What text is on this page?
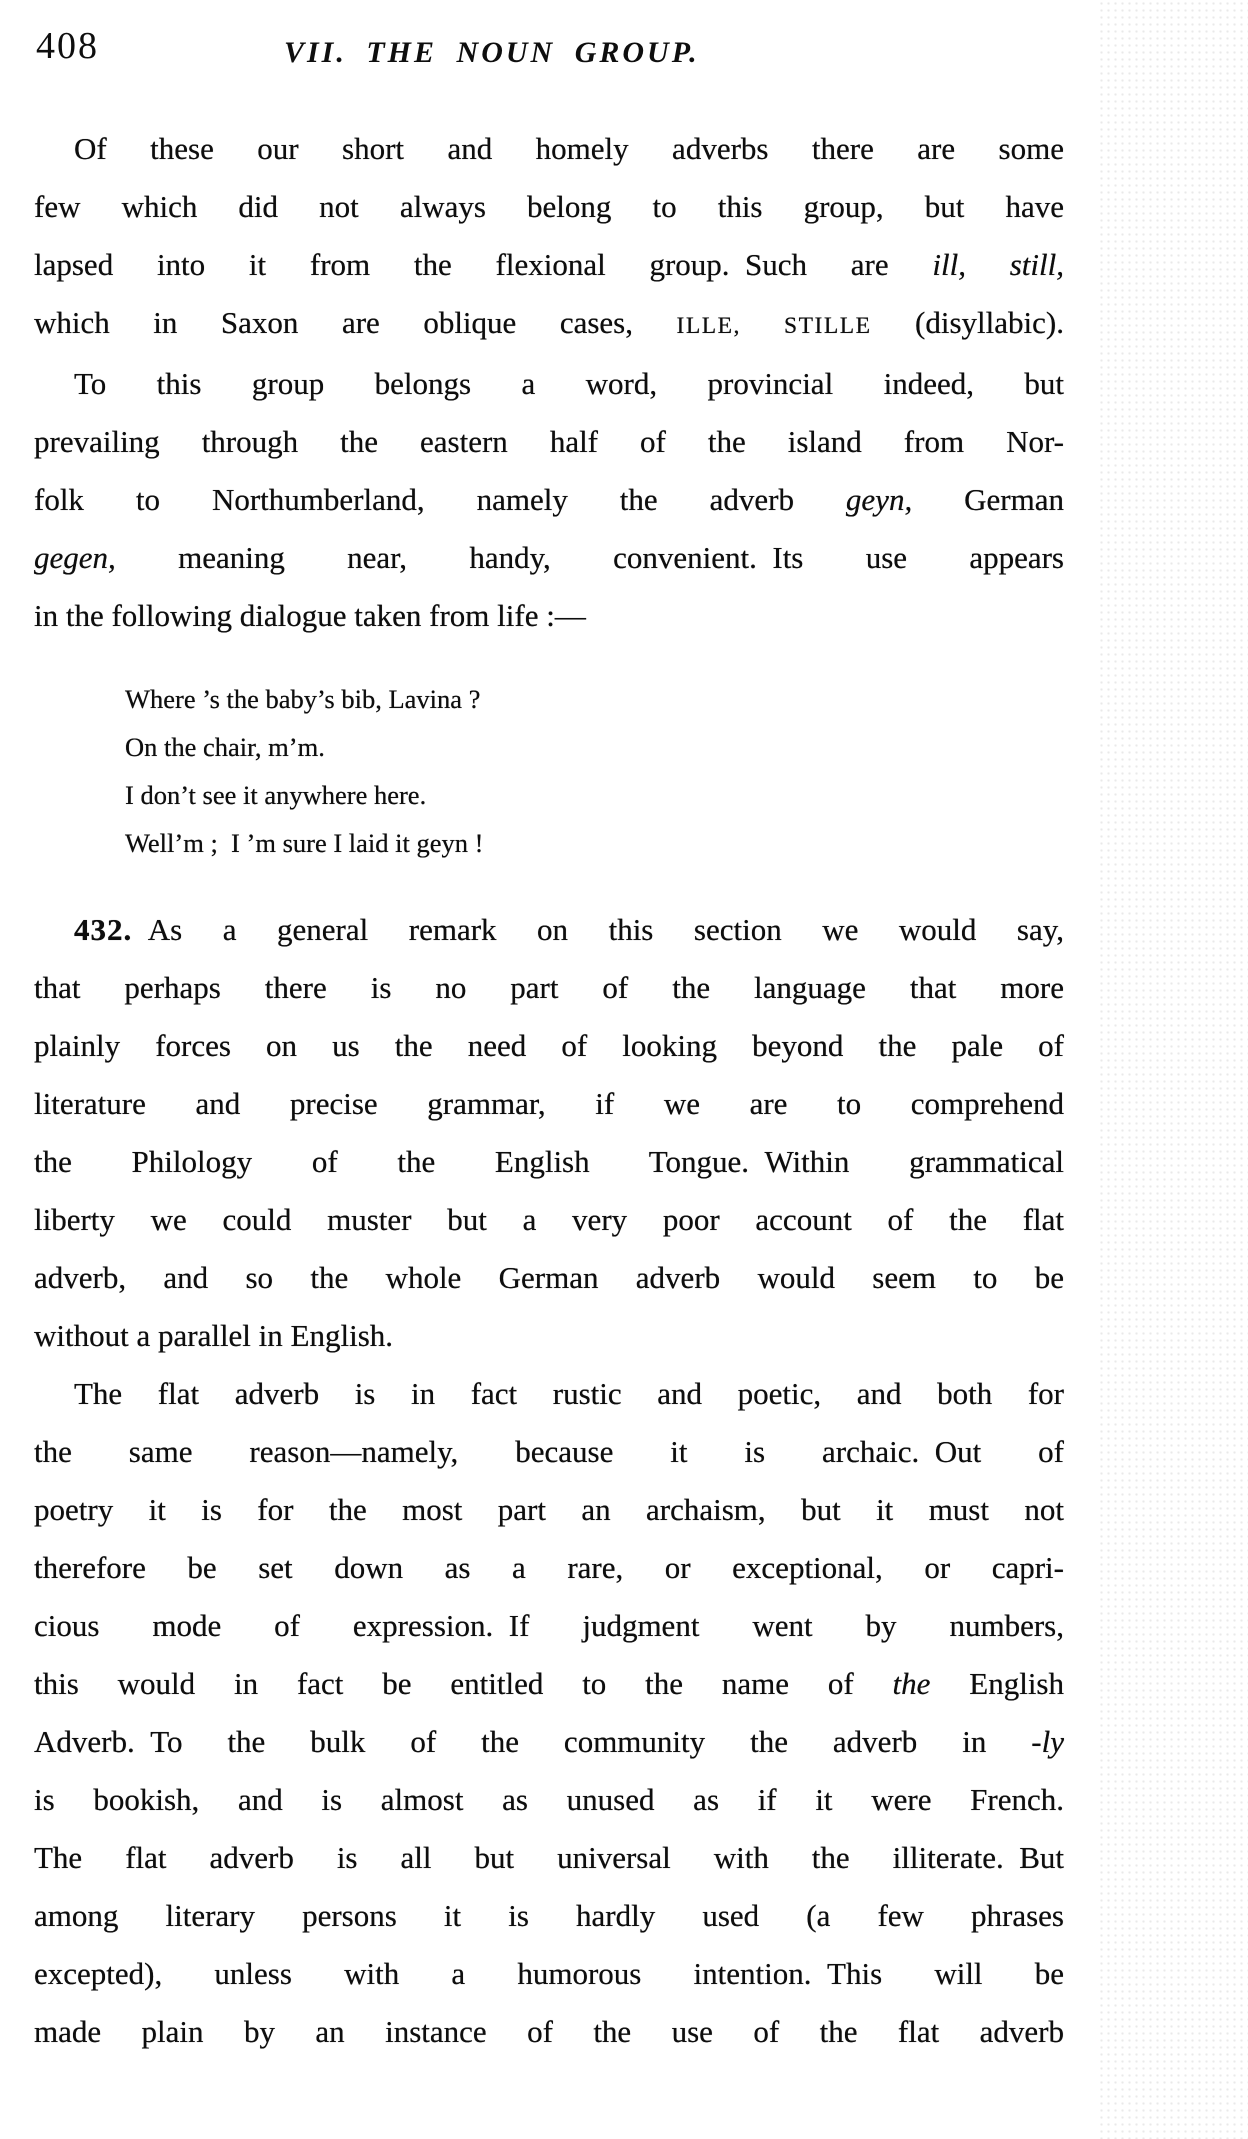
408	VII. THE NOUN GROUP.
Of these our short and homely adverbs there are some
few which did not always belong to this group, but have
lapsed into it from the flexional group. Such are ill, still,
which in Saxon are oblique cases, ILLE, STILLE (disyllabic).
To this group belongs a word, provincial indeed, but
prevailing through the eastern half of the island from Nor-
folk to Northumberland, namely the adverb geyn, German
gegen, meaning near, handy, convenient. Its use appears
in the following dialogue taken from life :—
Where ’s the baby’s bib, Lavina ?
On the chair, m’m.
I don’t see it anywhere here.
Well’m ; I ’m sure I laid it geyn !
432. As a general remark on this section we would say,
that perhaps there is no part of the language that more
plainly forces on us the need of looking beyond the pale of
literature and precise grammar, if we are to comprehend
the Philology of the English Tongue. Within grammatical
liberty we could muster but a very poor account of the flat
adverb, and so the whole German adverb would seem to be
without a parallel in English.
The flat adverb is in fact rustic and poetic, and both for
the same reason—namely, because it is archaic. Out of
poetry it is for the most part an archaism, but it must not
therefore be set down as a rare, or exceptional, or capri-
cious mode of expression. If judgment went by numbers,
this would in fact be entitled to the name of the English
Adverb. To the bulk of the community the adverb in -ly
is bookish, and is almost as unused as if it were French.
The flat adverb is all but universal with the illiterate. But
among literary persons it is hardly used (a few phrases
excepted), unless with a humorous intention. This will be
made plain by an instance of the use of the flat adverb
